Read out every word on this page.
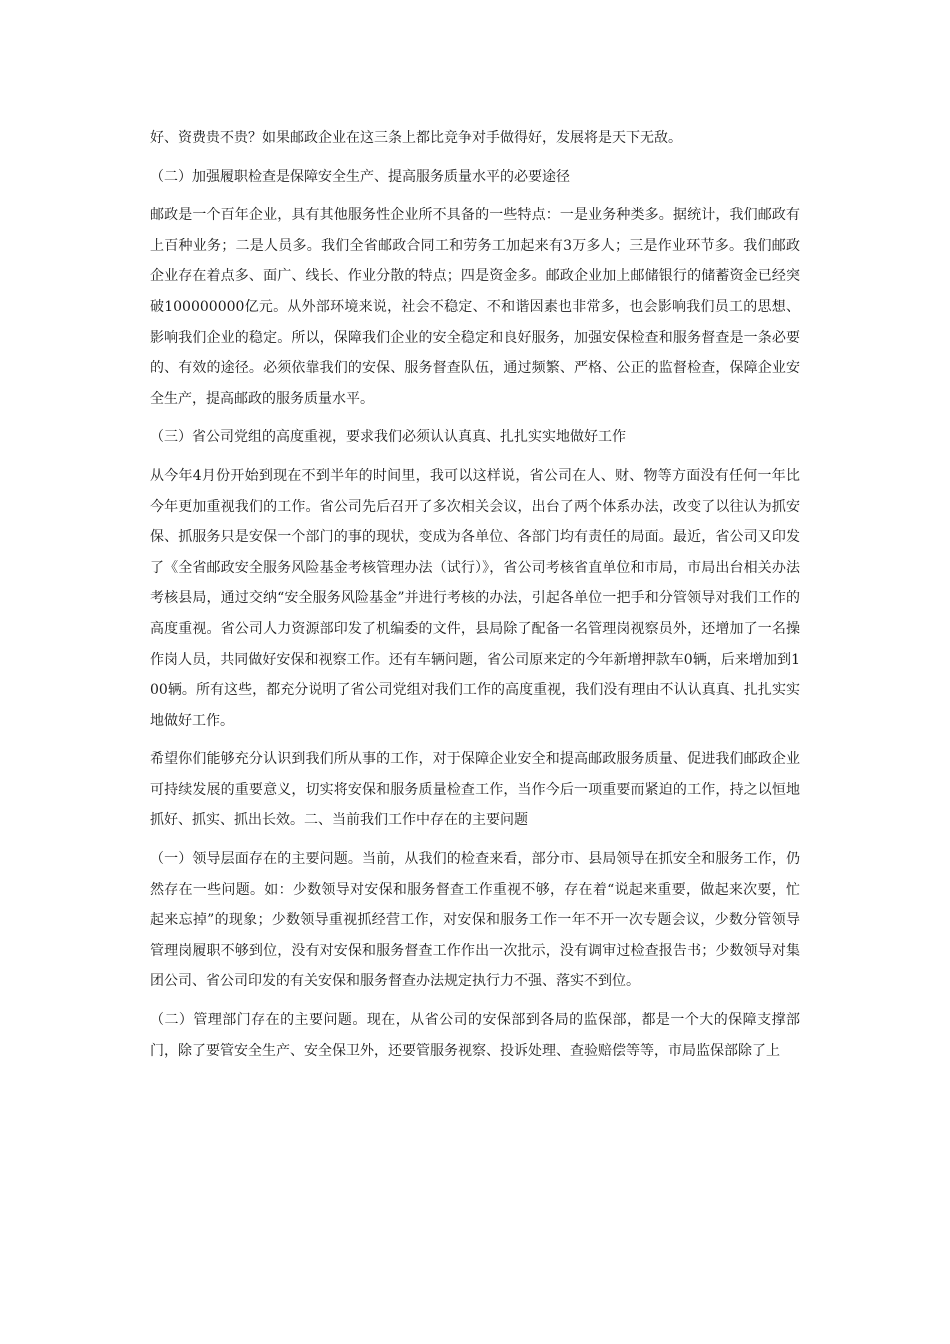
好、资费贵不贵？如果邮政企业在这三条上都比竞争对手做得好，发展将是天下无敌。

（二）加强履职检查是保障安全生产、提高服务质量水平的必要途径

邮政是一个百年企业，具有其他服务性企业所不具备的一些特点：一是业务种类多。据统计，我们邮政有上百种业务；二是人员多。我们全省邮政合同工和劳务工加起来有3万多人；三是作业环节多。我们邮政企业存在着点多、面广、线长、作业分散的特点；四是资金多。邮政企业加上邮储银行的储蓄资金已经突破100000000亿元。从外部环境来说，社会不稳定、不和谐因素也非常多，也会影响我们员工的思想、影响我们企业的稳定。所以，保障我们企业的安全稳定和良好服务，加强安保检查和服务督查是一条必要的、有效的途径。必须依靠我们的安保、服务督查队伍，通过频繁、严格、公正的监督检查，保障企业安全生产，提高邮政的服务质量水平。

（三）省公司党组的高度重视，要求我们必须认认真真、扎扎实实地做好工作

从今年4月份开始到现在不到半年的时间里，我可以这样说，省公司在人、财、物等方面没有任何一年比今年更加重视我们的工作。省公司先后召开了多次相关会议，出台了两个体系办法，改变了以往认为抓安保、抓服务只是安保一个部门的事的现状，变成为各单位、各部门均有责任的局面。最近，省公司又印发了《全省邮政安全服务风险基金考核管理办法（试行）》，省公司考核省直单位和市局，市局出台相关办法考核县局，通过交纳“安全服务风险基金”并进行考核的办法，引起各单位一把手和分管领导对我们工作的高度重视。省公司人力资源部印发了机编委的文件，县局除了配备一名管理岗视察员外，还增加了一名操作岗人员，共同做好安保和视察工作。还有车辆问题，省公司原来定的今年新增押款车0辆，后来增加到100辆。所有这些，都充分说明了省公司党组对我们工作的高度重视，我们没有理由不认认真真、扎扎实实地做好工作。

希望你们能够充分认识到我们所从事的工作，对于保障企业安全和提高邮政服务质量、促进我们邮政企业可持续发展的重要意义，切实将安保和服务质量检查工作，当作今后一项重要而紧迫的工作，持之以恒地抓好、抓实、抓出长效。二、当前我们工作中存在的主要问题

（一）领导层面存在的主要问题。当前，从我们的检查来看，部分市、县局领导在抓安全和服务工作，仍然存在一些问题。如：少数领导对安保和服务督查工作重视不够，存在着“说起来重要，做起来次要，忙起来忘掉”的现象；少数领导重视抓经营工作，对安保和服务工作一年不开一次专题会议，少数分管领导管理岗履职不够到位，没有对安保和服务督查工作作出一次批示，没有调审过检查报告书；少数领导对集团公司、省公司印发的有关安保和服务督查办法规定执行力不强、落实不到位。

（二）管理部门存在的主要问题。现在，从省公司的安保部到各局的监保部，都是一个大的保障支撑部门，除了要管安全生产、安全保卫外，还要管服务视察、投诉处理、查验赔偿等等，市局监保部除了上
